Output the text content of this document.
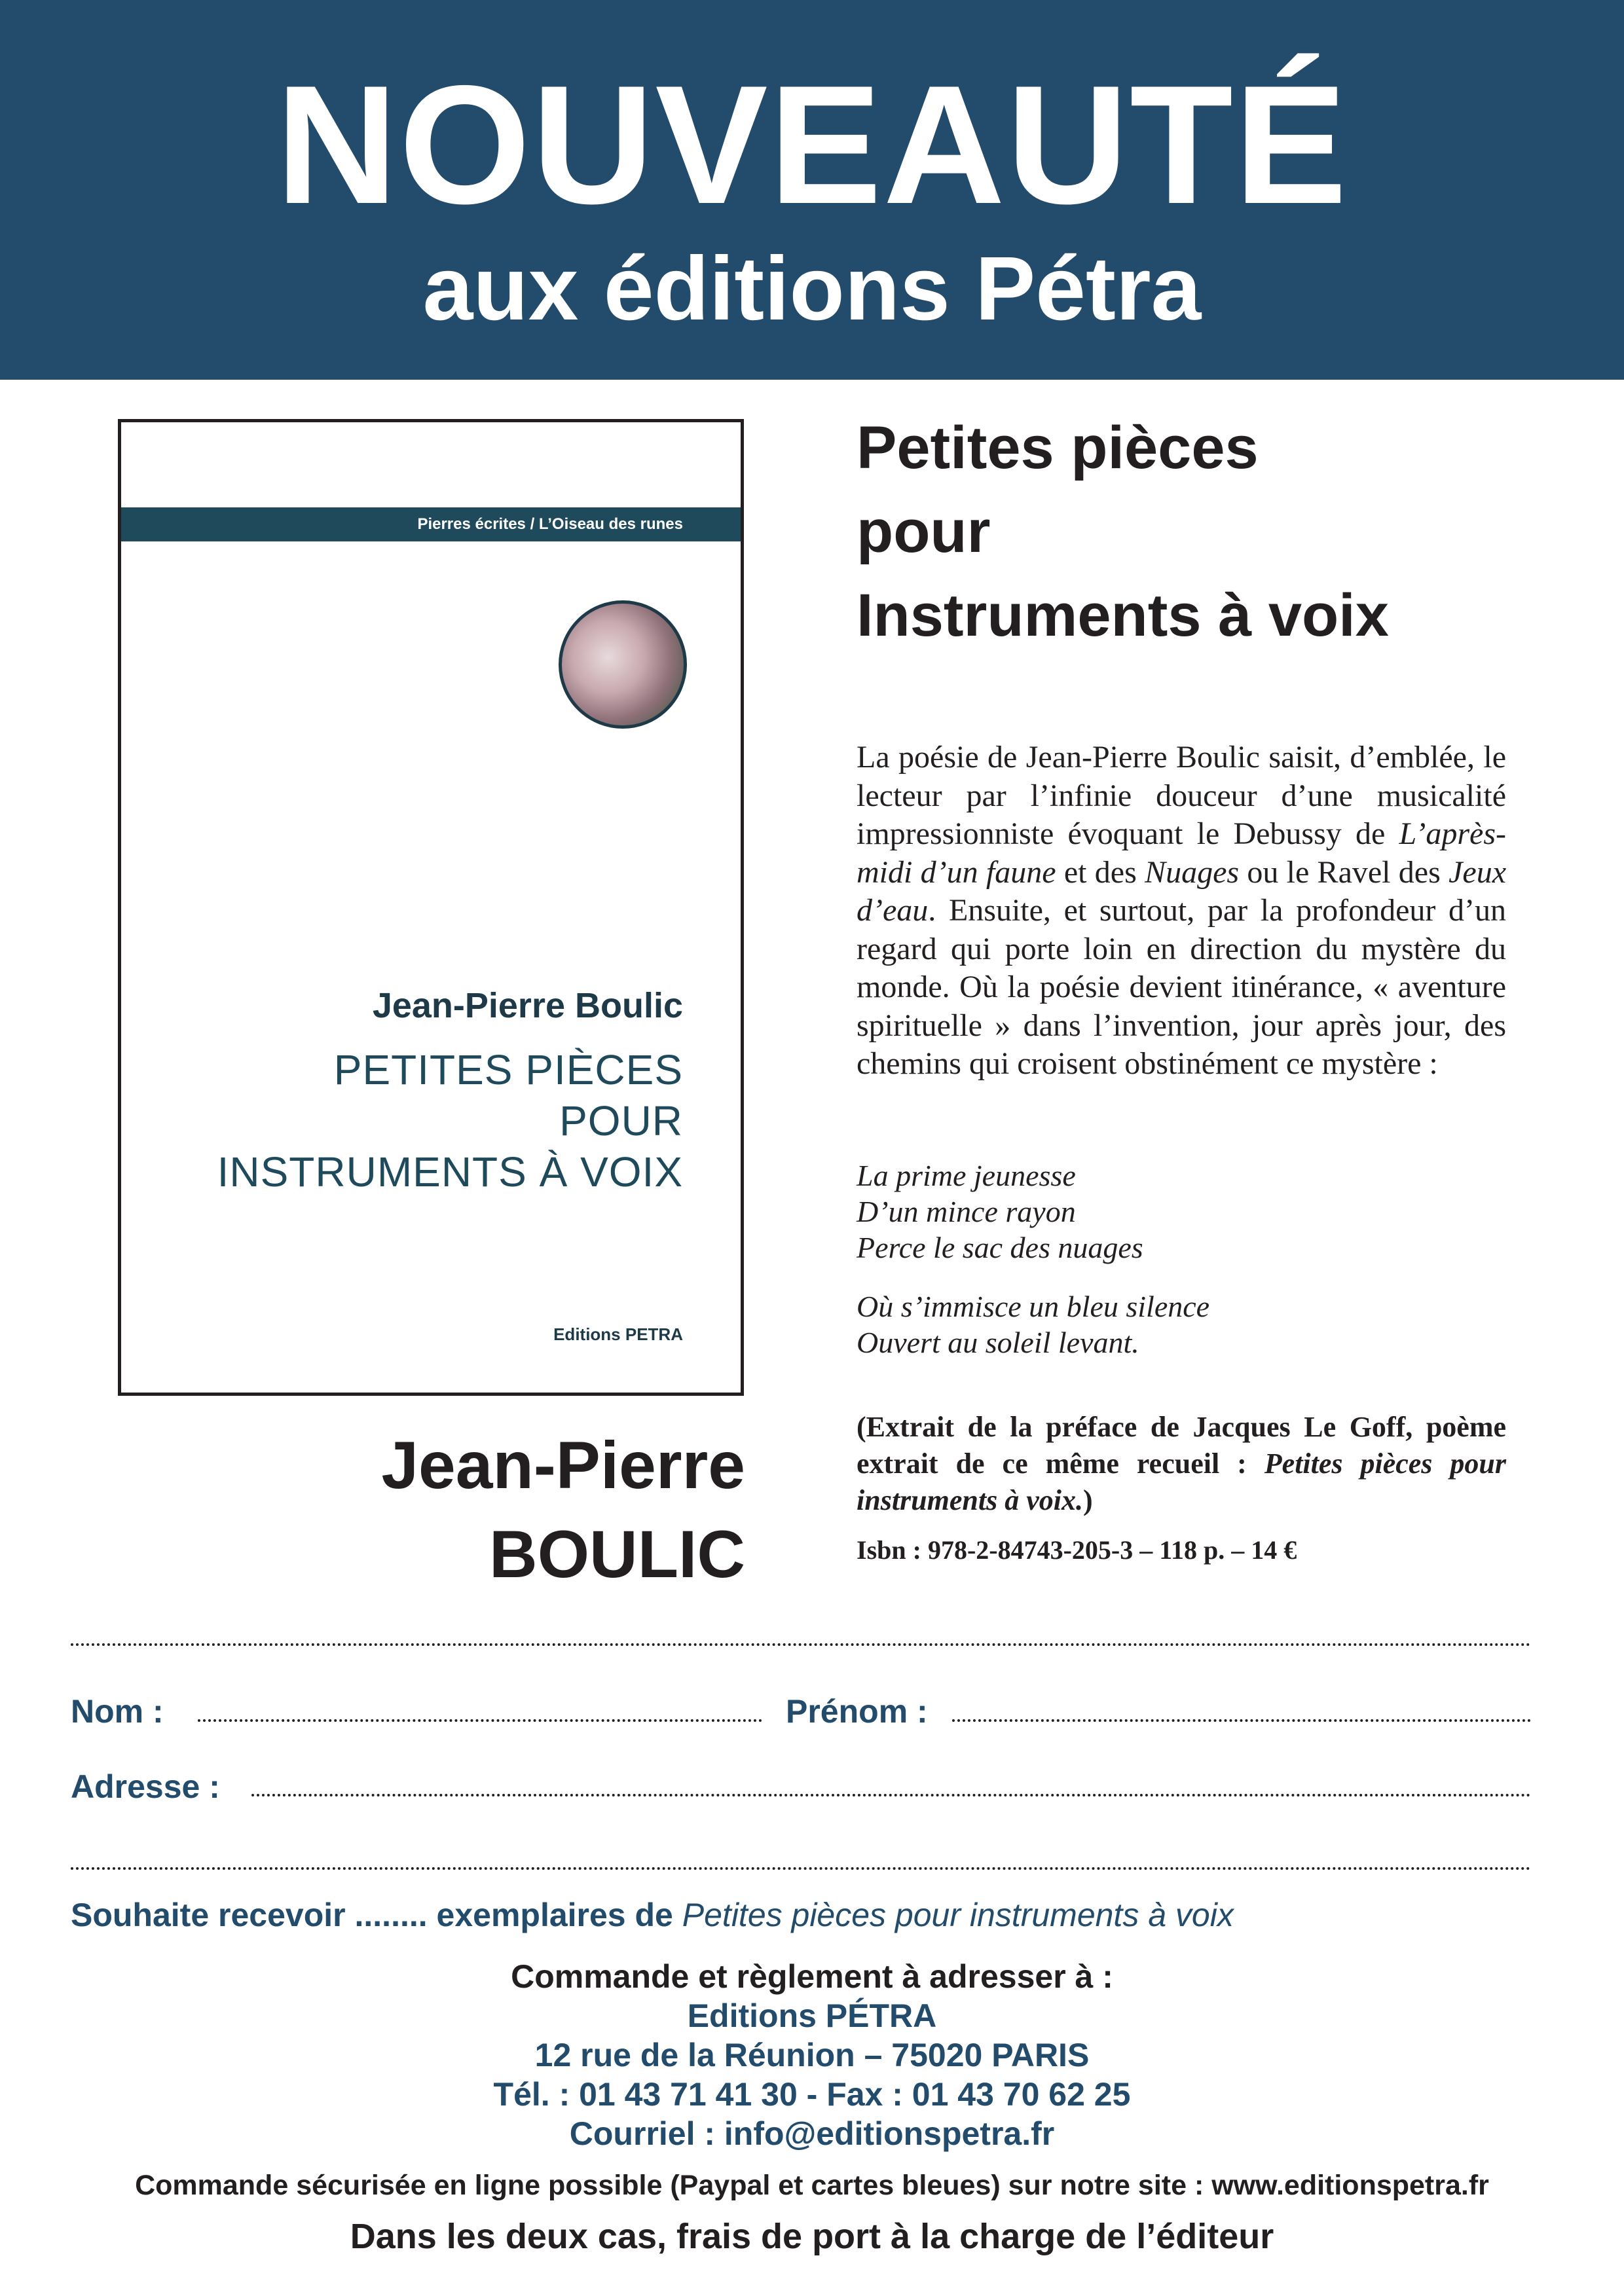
NOUVEAUTÉ
aux éditions Pétra
Pierres écrites / L’Oiseau des runes
Jean-Pierre Boulic
PETITES PIÈCES
POUR
INSTRUMENTS À VOIX
Editions PETRA
Jean-Pierre
BOULIC
Petites pièces
pour
Instruments à voix

La poésie de Jean-Pierre Boulic saisit, d’emblée, le lecteur par l’infinie douceur d’une musicalité impressionniste évoquant le Debussy de L’après-midi d’un faune et des Nuages ou le Ravel des Jeux d’eau. Ensuite, et surtout, par la profondeur d’un regard qui porte loin en direction du mystère du monde. Où la poésie devient itinérance, « aventure spirituelle » dans l’invention, jour après jour, des chemins qui croisent obstinément ce mystère :

La prime jeunesse

D’un mince rayon

Perce le sac des nuages

Où s’immisce un bleu silence

Ouvert au soleil levant.

(Extrait de la préface de Jacques Le Goff, poème extrait de ce même recueil : Petites pièces pour instruments à voix.)
Isbn : 978-2-84743-205-3 – 118 p. – 14 €
Nom :	Prénom :
Adresse :
Souhaite recevoir ........ exemplaires de Petites pièces pour instruments à voix
Commande et règlement à adresser à :
Editions PÉTRA
12 rue de la Réunion – 75020 PARIS
Tél. : 01 43 71 41 30 - Fax : 01 43 70 62 25
Courriel : info@editionspetra.fr
Commande sécurisée en ligne possible (Paypal et cartes bleues) sur notre site : www.editionspetra.fr
Dans les deux cas, frais de port à la charge de l’éditeur
